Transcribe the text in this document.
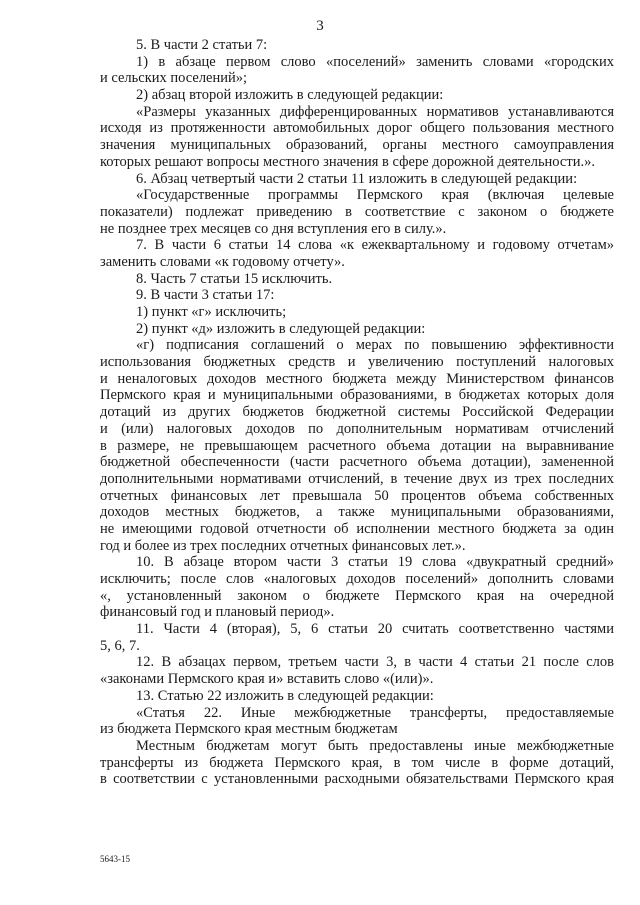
3
5. В части 2 статьи 7:
1) в абзаце первом слово «поселений» заменить словами «городских
и сельских поселений»;
2) абзац второй изложить в следующей редакции:
«Размеры указанных дифференцированных нормативов устанавливаются
исходя из протяженности автомобильных дорог общего пользования местного
значения муниципальных образований, органы местного самоуправления
которых решают вопросы местного значения в сфере дорожной деятельности.».
6. Абзац четвертый части 2 статьи 11 изложить в следующей редакции:
«Государственные программы Пермского края (включая целевые
показатели) подлежат приведению в соответствие с законом о бюджете
не позднее трех месяцев со дня вступления его в силу.».
7. В части 6 статьи 14 слова «к ежеквартальному и годовому отчетам»
заменить словами «к годовому отчету».
8. Часть 7 статьи 15 исключить.
9. В части 3 статьи 17:
1) пункт «г» исключить;
2) пункт «д» изложить в следующей редакции:
«г) подписания соглашений о мерах по повышению эффективности
использования бюджетных средств и увеличению поступлений налоговых
и неналоговых доходов местного бюджета между Министерством финансов
Пермского края и муниципальными образованиями, в бюджетах которых доля
дотаций из других бюджетов бюджетной системы Российской Федерации
и (или) налоговых доходов по дополнительным нормативам отчислений
в размере, не превышающем расчетного объема дотации на выравнивание
бюджетной обеспеченности (части расчетного объема дотации), замененной
дополнительными нормативами отчислений, в течение двух из трех последних
отчетных финансовых лет превышала 50 процентов объема собственных
доходов местных бюджетов, а также муниципальными образованиями,
не имеющими годовой отчетности об исполнении местного бюджета за один
год и более из трех последних отчетных финансовых лет.».
10. В абзаце втором части 3 статьи 19 слова «двукратный средний»
исключить; после слов «налоговых доходов поселений» дополнить словами
«, установленный законом о бюджете Пермского края на очередной
финансовый год и плановый период».
11. Части 4 (вторая), 5, 6 статьи 20 считать соответственно частями
5, 6, 7.
12. В абзацах первом, третьем части 3, в части 4 статьи 21 после слов
«законами Пермского края и» вставить слово «(или)».
13. Статью 22 изложить в следующей редакции:
«Статья 22. Иные межбюджетные трансферты, предоставляемые
из бюджета Пермского края местным бюджетам
Местным бюджетам могут быть предоставлены иные межбюджетные
трансферты из бюджета Пермского края, в том числе в форме дотаций,
в соответствии с установленными расходными обязательствами Пермского края
5643-15
